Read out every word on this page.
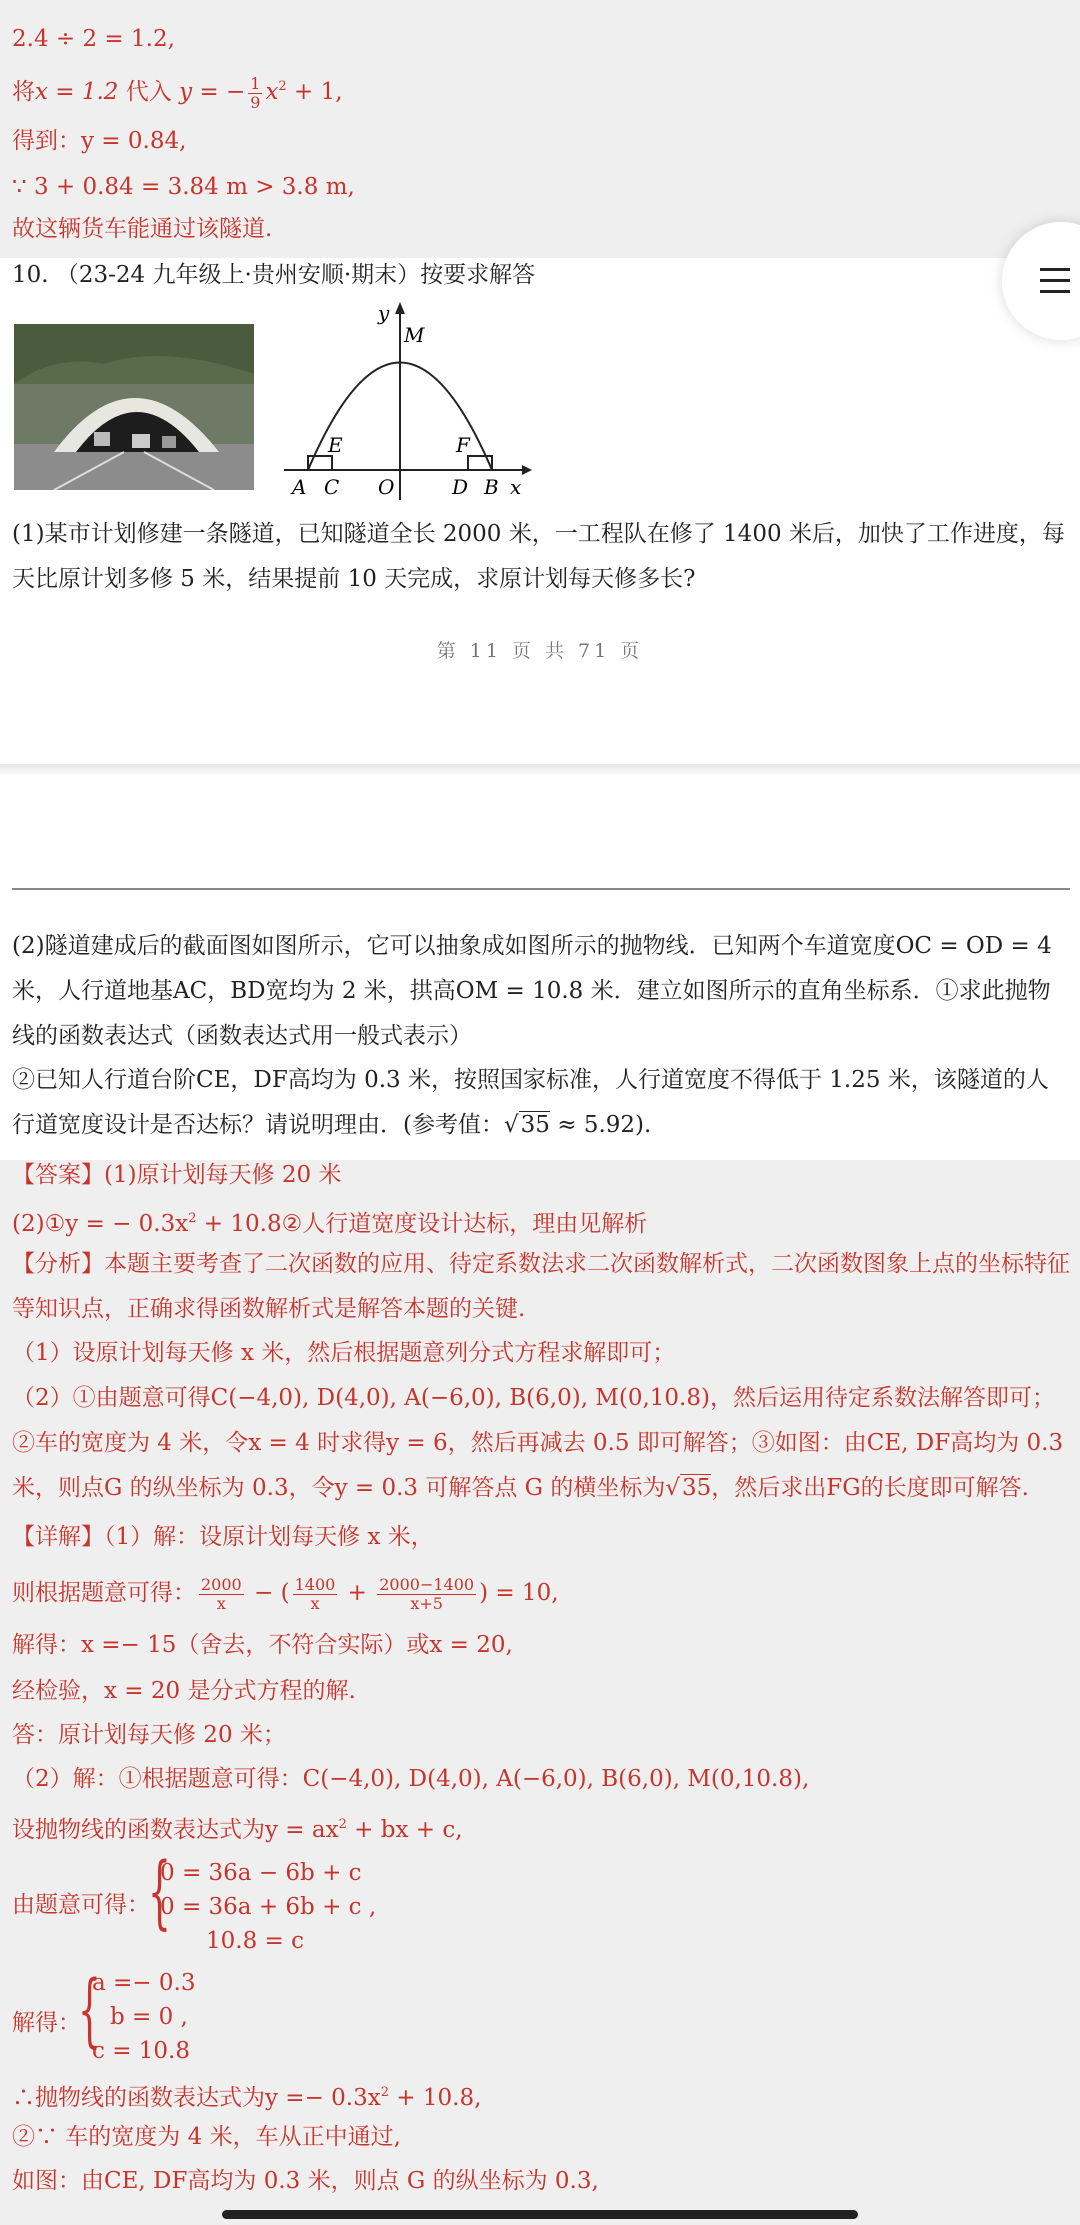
2.4 ÷ 2 = 1.2,
将x = 1.2 代入 y = − $\frac{1}{9} x^2 + 1$,
得到：y = 0.84,
∵ 3 + 0.84 = 3.84 m > 3.8 m,
故这辆货车能通过该隧道.
10. （23-24 九年级上·贵州安顺·期末）按要求解答
y
M
E	F
A C O	D B x
(1)某市计划修建一条隧道，已知隧道全长 2000 米，一工程队在修了 1400 米后，加快了工作进度，每天比原计划多修 5 米，结果提前 10 天完成，求原计划每天修多长?
第 11 页 共 71 页
(2)隧道建成后的截面图如图所示，它可以抽象成如图所示的抛物线．已知两个车道宽度OC = OD = 4 米，人行道地基AC，BD宽均为 2 米，拱高OM = 10.8 米．建立如图所示的直角坐标系．①求此抛物线的函数表达式（函数表达式用一般式表示）
②已知人行道台阶CE，DF高均为 0.3 米，按照国家标准，人行道宽度不得低于 1.25 米，该隧道的人行道宽度设计是否达标？请说明理由．(参考值：√35 ≈ 5.92).
【答案】(1)原计划每天修 20 米
(2)①y = − $0.3x^2$ + 10.8②人行道宽度设计达标，理由见解析
【分析】本题主要考查了二次函数的应用、待定系数法求二次函数解析式，二次函数图象上点的坐标特征等知识点，正确求得函数解析式是解答本题的关键.
（1）设原计划每天修 x 米，然后根据题意列分式方程求解即可；
（2）①由题意可得C(−4,0), D(4,0), A(−6,0), B(6,0), M(0,10.8)，然后运用待定系数法解答即可；②车的宽度为 4 米，令x = 4 时求得y = 6，然后再减去 0.5 即可解答；③如图：由CE, DF高均为 0.3 米，则点G 的纵坐标为 0.3，令y = 0.3 可解答点 G 的横坐标为√35，然后求出FG的长度即可解答.
【详解】（1）解：设原计划每天修 x 米，
则根据题意可得： $\frac{2000}{x}$ − ( $\frac{1400}{x} + \frac{2000-1400}{x+5}$ ) = 10,
解得：x =− 15（舍去，不符合实际）或x = 20,
经检验，x = 20 是分式方程的解.
答：原计划每天修 20 米；
（2）解：①根据题意可得：C(−4,0), D(4,0), A(−6,0), B(6,0), M(0,10.8),
设抛物线的函数表达式为$y = ax^2$ + bx + c,
由题意可得：
{
0 = 36a − 6b + c
0 = 36a + 6b + c ,
10.8 = c
解得：
{
a =− 0.3
b = 0 ,
c = 10.8
∴抛物线的函数表达式为$y =- 0.3x^2 + 10.8$,
②∵ 车的宽度为 4 米，车从正中通过,
如图：由CE, DF高均为 0.3 米，则点 G 的纵坐标为 0.3,
